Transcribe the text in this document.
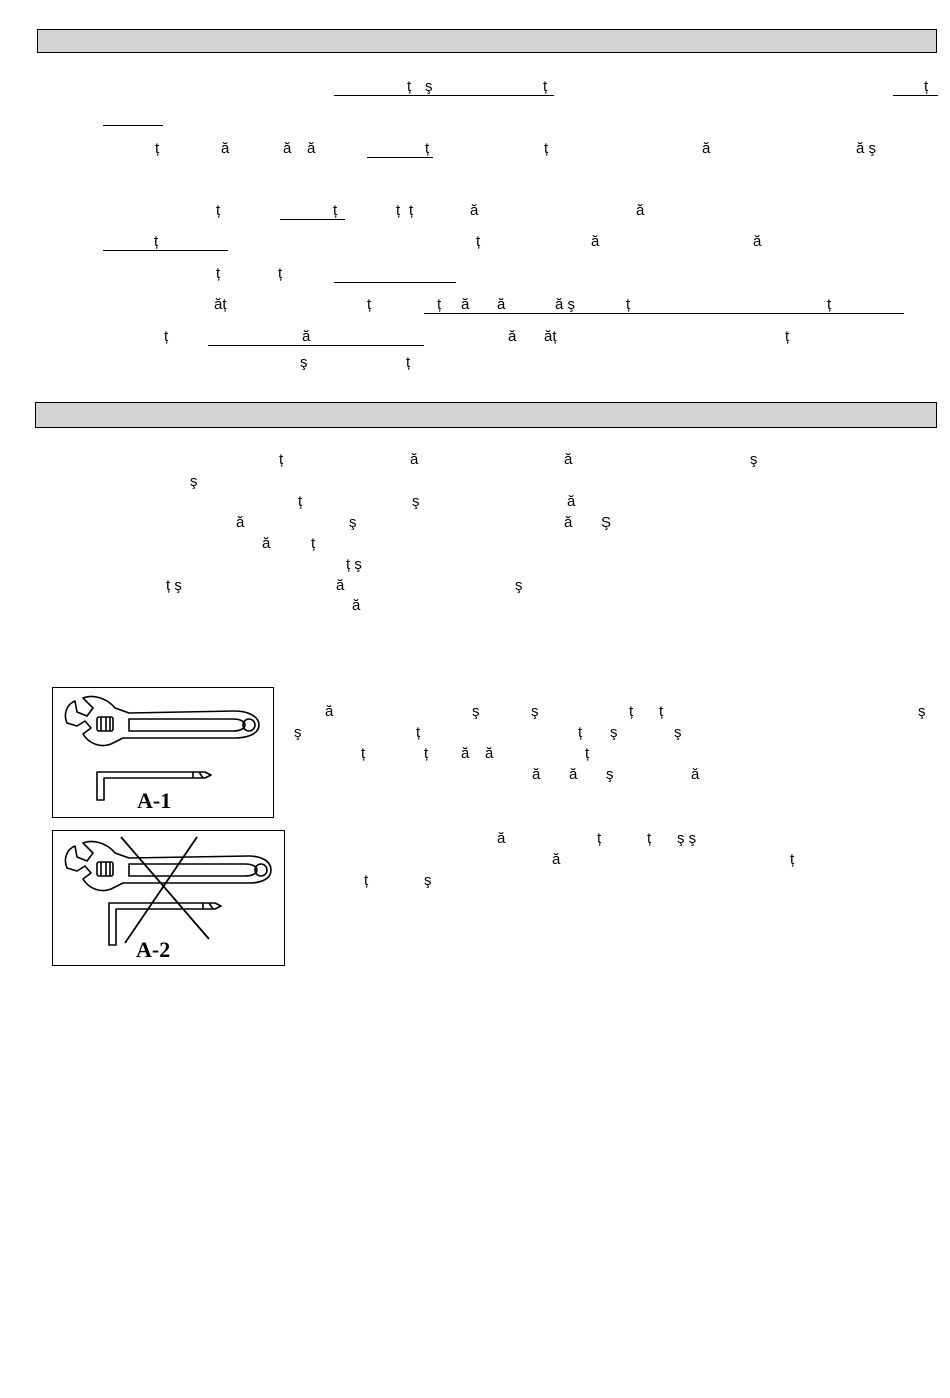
ț ş	ț	ț
ț	ă	ă ă	ț	ț	ă	ă ş
ț	ț	ț ț	ă	ă
ț	ț	ă	ă
ț	ț
ăț	ț	ț ă ă	ă ş	ț	ț
ț	ă	ă ăț	ț
ş	ț
ț	ă	ă	ş
ş
ț	ş	ă
ă	ş	ă Ş
ă	ț
ț ş
ț ş	ă	ş
ă
A-1
A-2
ă	ş	ş	ț ț	ş
ş	ț	ț ş	ş
ț	ț ă ă	ț
ă ă ş	ă
ă	ț	ț ş ş
ă	ț
ț	ş
